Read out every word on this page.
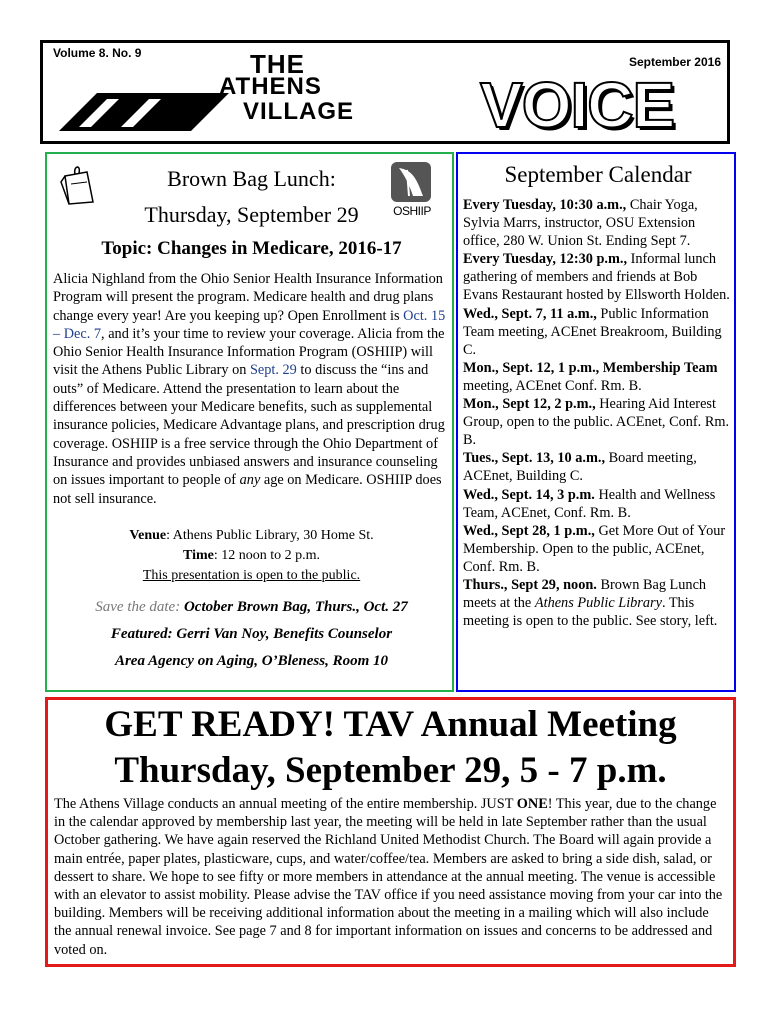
Volume 8. No. 9
September 2016
THE
ATHENS
VILLAGE VOICE
OSHIIP
Brown Bag Lunch:
Thursday, September 29
Topic: Changes in Medicare, 2016-17
Alicia Nighland from the Ohio Senior Health Insurance Information Program will present the program. Medicare health and drug plans change every year! Are you keeping up? Open Enrollment is Oct. 15 – Dec. 7, and it’s your time to review your coverage. Alicia from the Ohio Senior Health Insurance Information Program (OSHIIP) will visit the Athens Public Library on Sept. 29 to discuss the “ins and outs” of Medicare. Attend the presentation to learn about the differences between your Medicare benefits, such as supplemental insurance policies, Medicare Advantage plans, and prescription drug coverage. OSHIIP is a free service through the Ohio Department of Insurance and provides unbiased answers and insurance counseling on issues important to people of any age on Medicare. OSHIIP does not sell insurance.
Venue: Athens Public Library, 30 Home St.
Time: 12 noon to 2 p.m.
This presentation is open to the public.
Save the date: October Brown Bag, Thurs., Oct. 27
Featured: Gerri Van Noy, Benefits Counselor
Area Agency on Aging, O’Bleness, Room 10
September Calendar
Every Tuesday, 10:30 a.m., Chair Yoga, Sylvia Marrs, instructor, OSU Extension office, 280 W. Union St. Ending Sept 7.
Every Tuesday, 12:30 p.m., Informal lunch gathering of members and friends at Bob Evans Restaurant hosted by Ellsworth Holden.
Wed., Sept. 7, 11 a.m., Public Information Team meeting, ACEnet Breakroom, Building C.
Mon., Sept. 12, 1 p.m., Membership Team meeting, ACEnet Conf. Rm. B.
Mon., Sept 12, 2 p.m., Hearing Aid Interest Group, open to the public. ACEnet, Conf. Rm. B.
Tues., Sept. 13, 10 a.m., Board meeting, ACEnet, Building C.
Wed., Sept. 14, 3 p.m. Health and Wellness Team, ACEnet, Conf. Rm. B.
Wed., Sept 28, 1 p.m., Get More Out of Your Membership. Open to the public, ACEnet, Conf. Rm. B.
Thurs., Sept 29, noon. Brown Bag Lunch meets at the Athens Public Library. This meeting is open to the public. See story, left.
GET READY! TAV Annual Meeting
Thursday, September 29, 5 - 7 p.m.
The Athens Village conducts an annual meeting of the entire membership. JUST ONE! This year, due to the change in the calendar approved by membership last year, the meeting will be held in late September rather than the usual October gathering. We have again reserved the Richland United Methodist Church. The Board will again provide a main entrée, paper plates, plasticware, cups, and water/coffee/tea. Members are asked to bring a side dish, salad, or dessert to share. We hope to see fifty or more members in attendance at the annual meeting. The venue is accessible with an elevator to assist mobility. Please advise the TAV office if you need assistance moving from your car into the building. Members will be receiving additional information about the meeting in a mailing which will also include the annual renewal invoice. See page 7 and 8 for important information on issues and concerns to be addressed and voted on.
